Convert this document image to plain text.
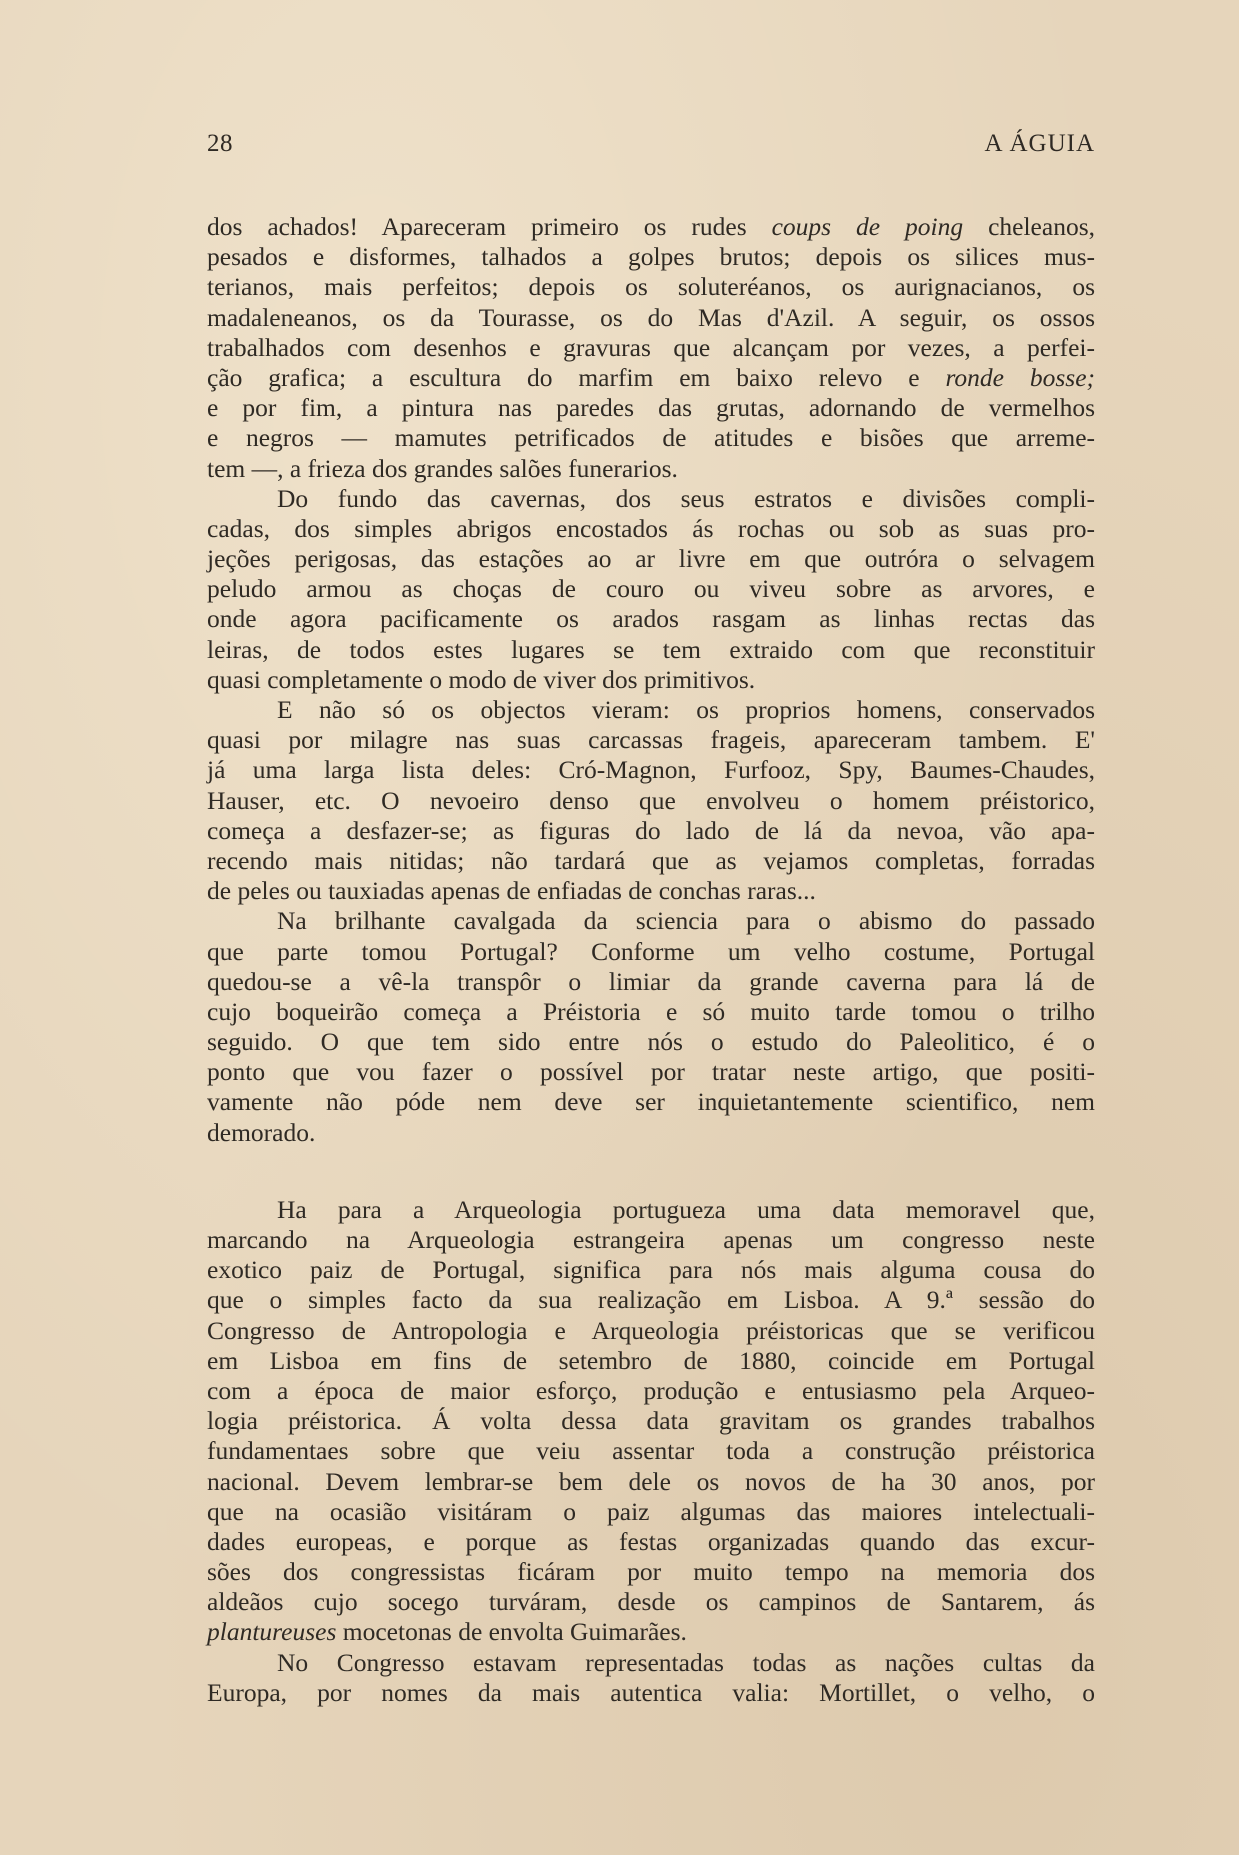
28	A ÁGUIA
dos achados! Apareceram primeiro os rudes coups de poing cheleanos,
pesados e disformes, talhados a golpes brutos; depois os silices mus-
terianos, mais perfeitos; depois os soluteréanos, os aurignacianos, os
madaleneanos, os da Tourasse, os do Mas d'Azil. A seguir, os ossos
trabalhados com desenhos e gravuras que alcançam por vezes, a perfei-
ção grafica; a escultura do marfim em baixo relevo e ronde bosse;
e por fim, a pintura nas paredes das grutas, adornando de vermelhos
e negros — mamutes petrificados de atitudes e bisões que arreme-
tem —, a frieza dos grandes salões funerarios.
Do fundo das cavernas, dos seus estratos e divisões compli-
cadas, dos simples abrigos encostados ás rochas ou sob as suas pro-
jeções perigosas, das estações ao ar livre em que outróra o selvagem
peludo armou as choças de couro ou viveu sobre as arvores, e
onde agora pacificamente os arados rasgam as linhas rectas das
leiras, de todos estes lugares se tem extraido com que reconstituir
quasi completamente o modo de viver dos primitivos.
E não só os objectos vieram: os proprios homens, conservados
quasi por milagre nas suas carcassas frageis, apareceram tambem. E'
já uma larga lista deles: Cró-Magnon, Furfooz, Spy, Baumes-Chaudes,
Hauser, etc. O nevoeiro denso que envolveu o homem préistorico,
começa a desfazer-se; as figuras do lado de lá da nevoa, vão apa-
recendo mais nitidas; não tardará que as vejamos completas, forradas
de peles ou tauxiadas apenas de enfiadas de conchas raras...
Na brilhante cavalgada da sciencia para o abismo do passado
que parte tomou Portugal? Conforme um velho costume, Portugal
quedou-se a vê-la transpôr o limiar da grande caverna para lá de
cujo boqueirão começa a Préistoria e só muito tarde tomou o trilho
seguido. O que tem sido entre nós o estudo do Paleolitico, é o
ponto que vou fazer o possível por tratar neste artigo, que positi-
vamente não póde nem deve ser inquietantemente scientifico, nem
demorado.
Ha para a Arqueologia portugueza uma data memoravel que,
marcando na Arqueologia estrangeira apenas um congresso neste
exotico paiz de Portugal, significa para nós mais alguma cousa do
que o simples facto da sua realização em Lisboa. A 9.ª sessão do
Congresso de Antropologia e Arqueologia préistoricas que se verificou
em Lisboa em fins de setembro de 1880, coincide em Portugal
com a época de maior esforço, produção e entusiasmo pela Arqueo-
logia préistorica. Á volta dessa data gravitam os grandes trabalhos
fundamentaes sobre que veiu assentar toda a construção préistorica
nacional. Devem lembrar-se bem dele os novos de ha 30 anos, por
que na ocasião visitáram o paiz algumas das maiores intelectuali-
dades europeas, e porque as festas organizadas quando das excur-
sões dos congressistas ficáram por muito tempo na memoria dos
aldeãos cujo socego turváram, desde os campinos de Santarem, ás
plantureuses mocetonas de envolta Guimarães.
No Congresso estavam representadas todas as nações cultas da
Europa, por nomes da mais autentica valia: Mortillet, o velho, o
